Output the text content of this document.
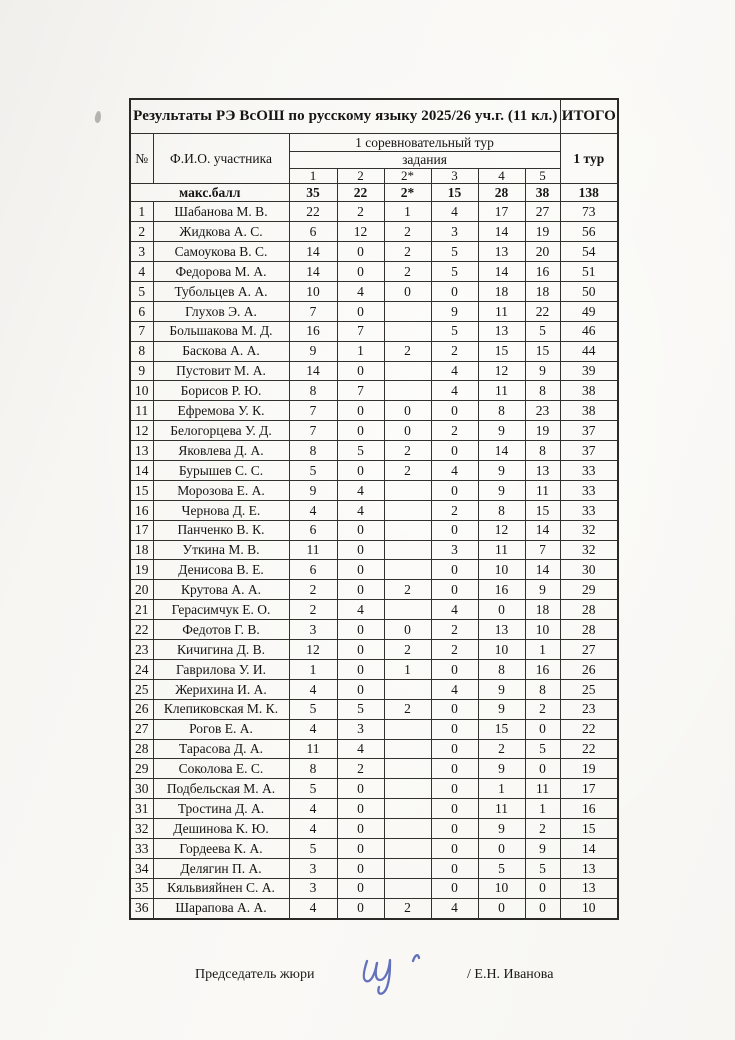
Результаты РЭ ВсОШ по русскому языку 2025/26 уч.г. (11 кл.)								ИТОГО
№	Ф.И.О. участника	1 соревновательный тур						1 тур
		задания						
		1	2	2*	3	4	5	
макс.балл		35	22	2*	15	28	38	138
1	Шабанова М. В.	22	2	1	4	17	27	73
2	Жидкова А. С.	6	12	2	3	14	19	56
3	Самоукова В. С.	14	0	2	5	13	20	54
4	Федорова М. А.	14	0	2	5	14	16	51
5	Тубольцев А. А.	10	4	0	0	18	18	50
6	Глухов Э. А.	7	0		9	11	22	49
7	Большакова М. Д.	16	7		5	13	5	46
8	Баскова А. А.	9	1	2	2	15	15	44
9	Пустовит М. А.	14	0		4	12	9	39
10	Борисов Р. Ю.	8	7		4	11	8	38
11	Ефремова У. К.	7	0	0	0	8	23	38
12	Белогорцева У. Д.	7	0	0	2	9	19	37
13	Яковлева Д. А.	8	5	2	0	14	8	37
14	Бурышев С. С.	5	0	2	4	9	13	33
15	Морозова Е. А.	9	4		0	9	11	33
16	Чернова Д. Е.	4	4		2	8	15	33
17	Панченко В. К.	6	0		0	12	14	32
18	Уткина М. В.	11	0		3	11	7	32
19	Денисова В. Е.	6	0		0	10	14	30
20	Крутова А. А.	2	0	2	0	16	9	29
21	Герасимчук Е. О.	2	4		4	0	18	28
22	Федотов Г. В.	3	0	0	2	13	10	28
23	Кичигина Д. В.	12	0	2	2	10	1	27
24	Гаврилова У. И.	1	0	1	0	8	16	26
25	Жерихина И. А.	4	0		4	9	8	25
26	Клепиковская М. К.	5	5	2	0	9	2	23
27	Рогов Е. А.	4	3		0	15	0	22
28	Тарасова Д. А.	11	4		0	2	5	22
29	Соколова Е. С.	8	2		0	9	0	19
30	Подбельская М. А.	5	0		0	1	11	17
31	Тростина Д. А.	4	0		0	11	1	16
32	Дешинова К. Ю.	4	0		0	9	2	15
33	Гордеева К. А.	5	0		0	0	9	14
34	Делягин П. А.	3	0		0	5	5	13
35	Кяльвияйнен С. А.	3	0		0	10	0	13
36	Шарапова А. А.	4	0	2	4	0	0	10
Председатель жюри	/ Е.Н. Иванова
